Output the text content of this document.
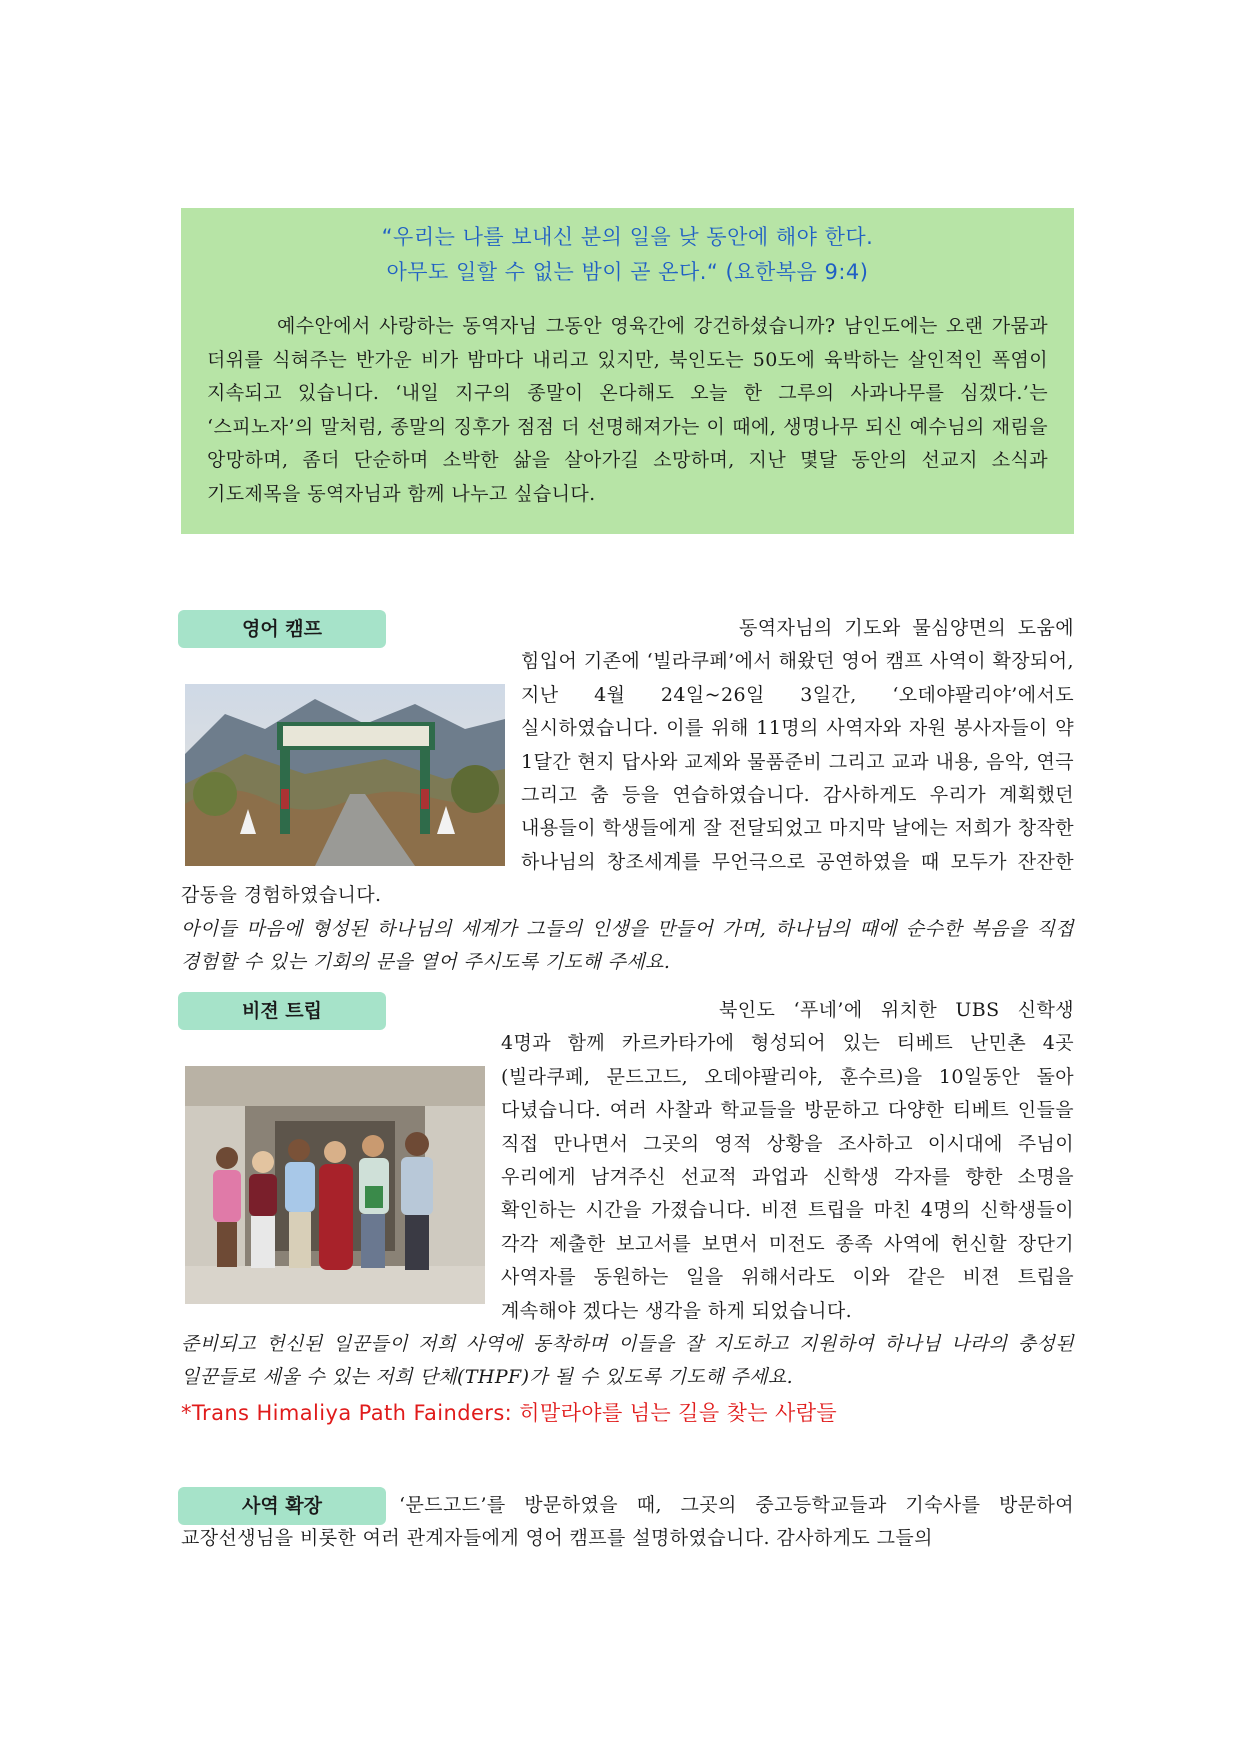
“우리는 나를 보내신 분의 일을 낮 동안에 해야 한다.
아무도 일할 수 없는 밤이 곧 온다.“ (요한복음 9:4)
예수안에서 사랑하는 동역자님 그동안 영육간에 강건하셨습니까? 남인도에는 오랜 가뭄과 더위를 식혀주는 반가운 비가 밤마다 내리고 있지만, 북인도는 50도에 육박하는 살인적인 폭염이 지속되고 있습니다. ‘내일 지구의 종말이 온다해도 오늘 한 그루의 사과나무를 심겠다.’는 ‘스피노자’의 말처럼, 종말의 징후가 점점 더 선명해져가는 이 때에, 생명나무 되신 예수님의 재림을 앙망하며, 좀더 단순하며 소박한 삶을 살아가길 소망하며, 지난 몇달 동안의 선교지 소식과 기도제목을 동역자님과 함께 나누고 싶습니다.
영어 캠프	동역자님의 기도와 물심양면의 도움에 힘입어 기존에 ‘빌라쿠페’에서 해왔던 영어 캠프 사역이 확장되어, 지난 4월 24일~26일 3일간, ‘오데야팔리야’에서도 실시하였습니다. 이를 위해 11명의 사역자와 자원 봉사자들이 약 1달간 현지 답사와 교제와 물품준비 그리고 교과 내용, 음악, 연극 그리고 춤 등을 연습하였습니다. 감사하게도 우리가 계획했던 내용들이 학생들에게 잘 전달되었고 마지막 날에는 저희가 창작한 하나님의 창조세계를 무언극으로 공연하였을 때 모두가 잔잔한 감동을 경험하였습니다.
아이들 마음에 형성된 하나님의 세계가 그들의 인생을 만들어 가며, 하나님의 때에 순수한 복음을 직접 경험할 수 있는 기회의 문을 열어 주시도록 기도해 주세요.
비젼 트립	북인도 ‘푸네’에 위치한 UBS 신학생 4명과 함께 카르카타가에 형성되어 있는 티베트 난민촌 4곳(빌라쿠페, 문드고드, 오데야팔리야, 훈수르)을 10일동안 돌아 다녔습니다. 여러 사찰과 학교들을 방문하고 다양한 티베트 인들을 직접 만나면서 그곳의 영적 상황을 조사하고 이시대에 주님이 우리에게 남겨주신 선교적 과업과 신학생 각자를 향한 소명을 확인하는 시간을 가졌습니다. 비젼 트립을 마친 4명의 신학생들이 각각 제출한 보고서를 보면서 미전도 종족 사역에 헌신할 장단기 사역자를 동원하는 일을 위해서라도 이와 같은 비젼 트립을 계속해야 겠다는 생각을 하게 되었습니다.
준비되고 헌신된 일꾼들이 저희 사역에 동착하며 이들을 잘 지도하고 지원하여 하나님 나라의 충성된 일꾼들로 세울 수 있는 저희 단체(THPF)가 될 수 있도록 기도해 주세요.
*Trans Himaliya Path Fainders: 히말라야를 넘는 길을 찾는 사람들
사역 확장	‘문드고드’를 방문하였을 때, 그곳의 중고등학교들과 기숙사를 방문하여 교장선생님을 비롯한 여러 관계자들에게 영어 캠프를 설명하였습니다. 감사하게도 그들의
